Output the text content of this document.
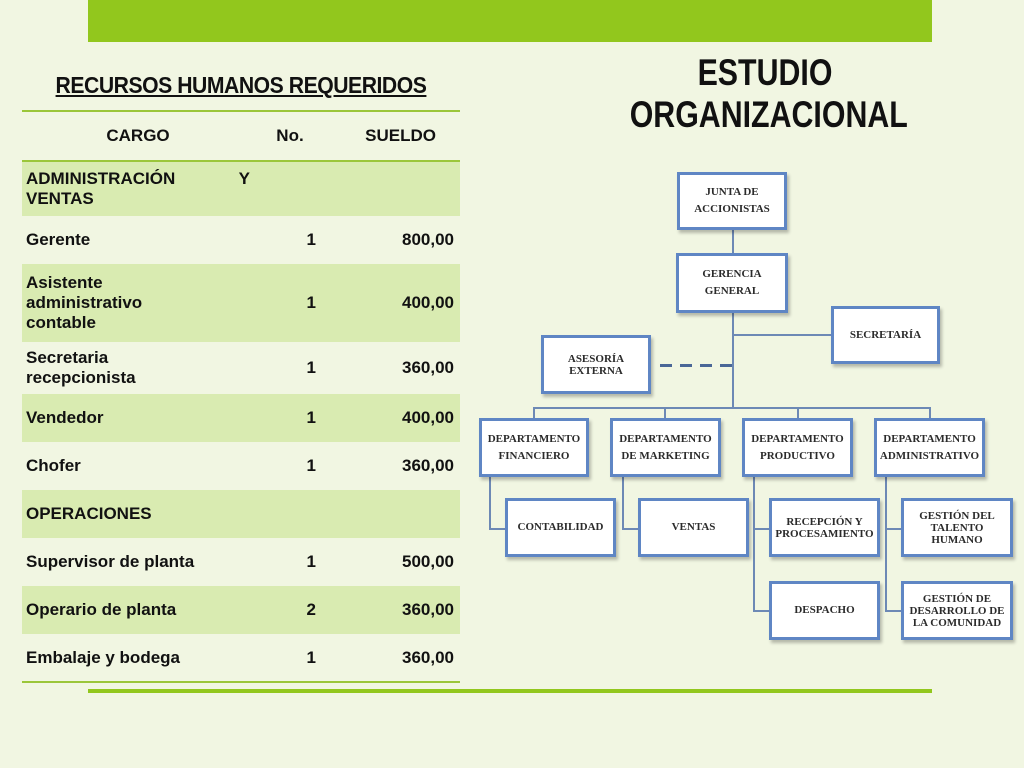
RECURSOS HUMANOS REQUERIDOS	ESTUDIO
ORGANIZACIONAL
CARGO	No.	SUELDO
ADMINISTRACIÓN Y VENTAS		
Gerente	1	800,00
Asistente administrativo contable	1	400,00
Secretaria recepcionista	1	360,00
Vendedor	1	400,00
Chofer	1	360,00
OPERACIONES		
Supervisor de planta	1	500,00
Operario de planta	2	360,00
Embalaje y bodega	1	360,00
JUNTA DE ACCIONISTAS
GERENCIA GENERAL
SECRETARÍA
ASESORÍA EXTERNA
DEPARTAMENTO FINANCIERO
DEPARTAMENTO DE MARKETING
DEPARTAMENTO PRODUCTIVO
DEPARTAMENTO ADMINISTRATIVO
CONTABILIDAD	VENTAS	RECEPCIÓN Y PROCESAMIENTO
DESPACHO
GESTIÓN DEL TALENTO HUMANO
GESTIÓN DE DESARROLLO DE LA COMUNIDAD
